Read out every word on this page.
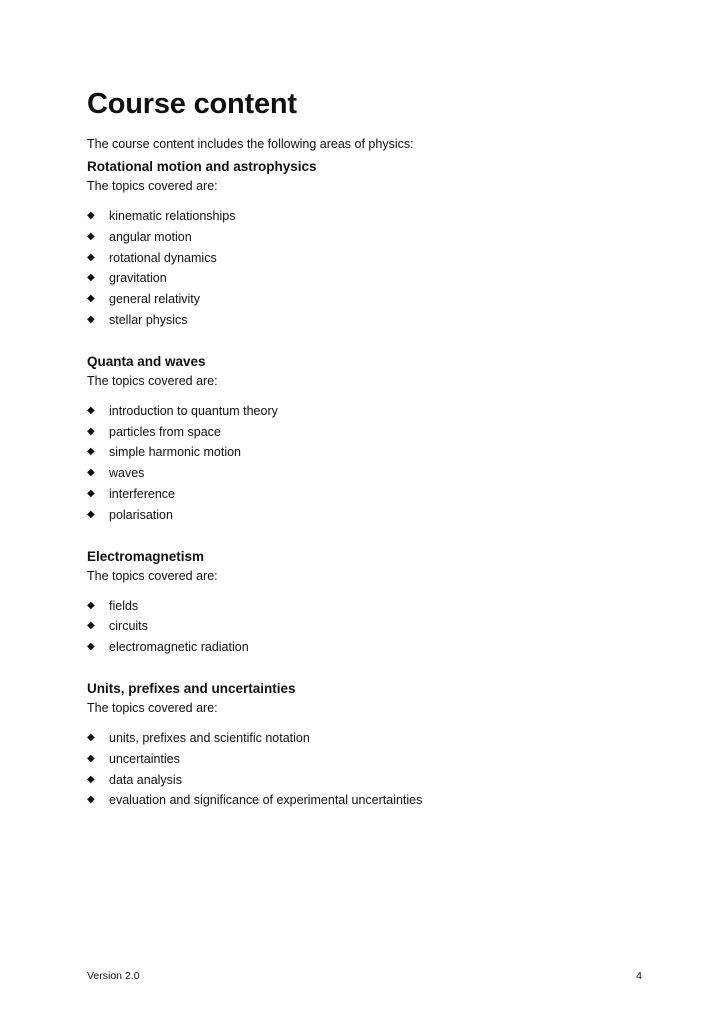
Course content

The course content includes the following areas of physics:

Rotational motion and astrophysics

The topics covered are:

◆ kinematic relationships
◆ angular motion
◆ rotational dynamics
◆ gravitation
◆ general relativity
◆ stellar physics
Quanta and waves

The topics covered are:

◆ introduction to quantum theory
◆ particles from space
◆ simple harmonic motion
◆ waves
◆ interference
◆ polarisation
Electromagnetism

The topics covered are:

◆ fields
◆ circuits
◆ electromagnetic radiation
Units, prefixes and uncertainties

The topics covered are:

◆ units, prefixes and scientific notation
◆ uncertainties
◆ data analysis
◆ evaluation and significance of experimental uncertainties
Version 2.0	4
